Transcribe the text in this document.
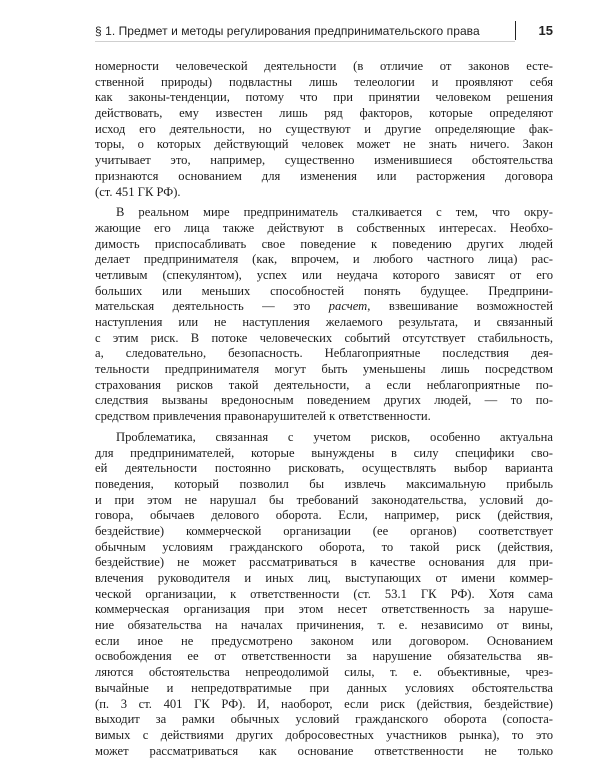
§ 1. Предмет и методы регулирования предпринимательского права	15
номерности человеческой деятельности (в отличие от законов есте-
ственной природы) подвластны лишь телеологии и проявляют себя
как законы-тенденции, потому что при принятии человеком решения
действовать, ему известен лишь ряд факторов, которые определяют
исход его деятельности, но существуют и другие определяющие фак-
торы, о которых действующий человек может не знать ничего. Закон
учитывает это, например, существенно изменившиеся обстоятельства
признаются основанием для изменения или расторжения договора
(ст. 451 ГК РФ).
В реальном мире предприниматель сталкивается с тем, что окру-
жающие его лица также действуют в собственных интересах. Необхо-
димость приспосабливать свое поведение к поведению других людей
делает предпринимателя (как, впрочем, и любого частного лица) рас-
четливым (спекулянтом), успех или неудача которого зависят от его
больших или меньших способностей понять будущее. Предприни-
мательская деятельность — это расчет, взвешивание возможностей
наступления или не наступления желаемого результата, и связанный
с этим риск. В потоке человеческих событий отсутствует стабильность,
а, следовательно, безопасность. Неблагоприятные последствия дея-
тельности предпринимателя могут быть уменьшены лишь посредством
страхования рисков такой деятельности, а если неблагоприятные по-
следствия вызваны вредоносным поведением других людей, — то по-
средством привлечения правонарушителей к ответственности.
Проблематика, связанная с учетом рисков, особенно актуальна
для предпринимателей, которые вынуждены в силу специфики сво-
ей деятельности постоянно рисковать, осуществлять выбор варианта
поведения, который позволил бы извлечь максимальную прибыль
и при этом не нарушал бы требований законодательства, условий до-
говора, обычаев делового оборота. Если, например, риск (действия,
бездействие) коммерческой организации (ее органов) соответствует
обычным условиям гражданского оборота, то такой риск (действия,
бездействие) не может рассматриваться в качестве основания для при-
влечения руководителя и иных лиц, выступающих от имени коммер-
ческой организации, к ответственности (ст. 53.1 ГК РФ). Хотя сама
коммерческая организация при этом несет ответственность за наруше-
ние обязательства на началах причинения, т. е. независимо от вины,
если иное не предусмотрено законом или договором. Основанием
освобождения ее от ответственности за нарушение обязательства яв-
ляются обстоятельства непреодолимой силы, т. е. объективные, чрез-
вычайные и непредотвратимые при данных условиях обстоятельства
(п. 3 ст. 401 ГК РФ). И, наоборот, если риск (действия, бездействие)
выходит за рамки обычных условий гражданского оборота (сопоста-
вимых с действиями других добросовестных участников рынка), то это
может рассматриваться как основание ответственности не только
